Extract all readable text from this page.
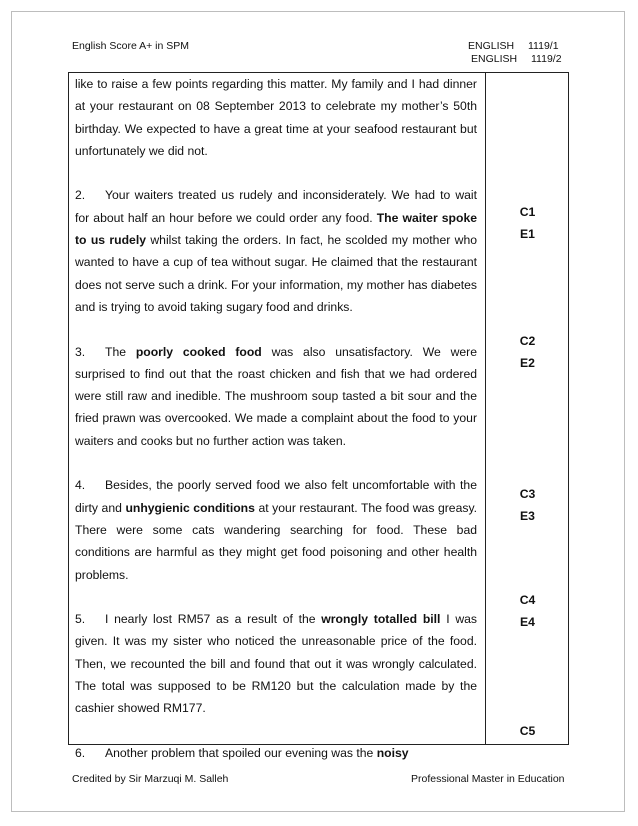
English Score A+ in SPM	ENGLISH 1119/1
ENGLISH 1119/2

like to raise a few points regarding this matter. My family and I had dinner at your restaurant on 08 September 2013 to celebrate my mother’s 50th birthday. We expected to have a great time at your seafood restaurant but unfortunately we did not.

2. Your waiters treated us rudely and inconsiderately. We had to wait for about half an hour before we could order any food. The waiter spoke to us rudely whilst taking the orders. In fact, he scolded my mother who wanted to have a cup of tea without sugar. He claimed that the restaurant does not serve such a drink. For your information, my mother has diabetes and is trying to avoid taking sugary food and drinks.

3. The poorly cooked food was also unsatisfactory. We were surprised to find out that the roast chicken and fish that we had ordered were still raw and inedible. The mushroom soup tasted a bit sour and the fried prawn was overcooked. We made a complaint about the food to your waiters and cooks but no further action was taken.

4. Besides, the poorly served food we also felt uncomfortable with the dirty and unhygienic conditions at your restaurant. The food was greasy. There were some cats wandering searching for food. These bad conditions are harmful as they might get food poisoning and other health problems.

5. I nearly lost RM57 as a result of the wrongly totalled bill I was given. It was my sister who noticed the unreasonable price of the food. Then, we recounted the bill and found that out it was wrongly calculated. The total was supposed to be RM120 but the calculation made by the cashier showed RM177.

6. Another problem that spoiled our evening was the noisy

C1
E1
C2
E2
C3
E3
C4
E4
C5
Credited by Sir Marzuqi M. Salleh	Professional Master in Education
